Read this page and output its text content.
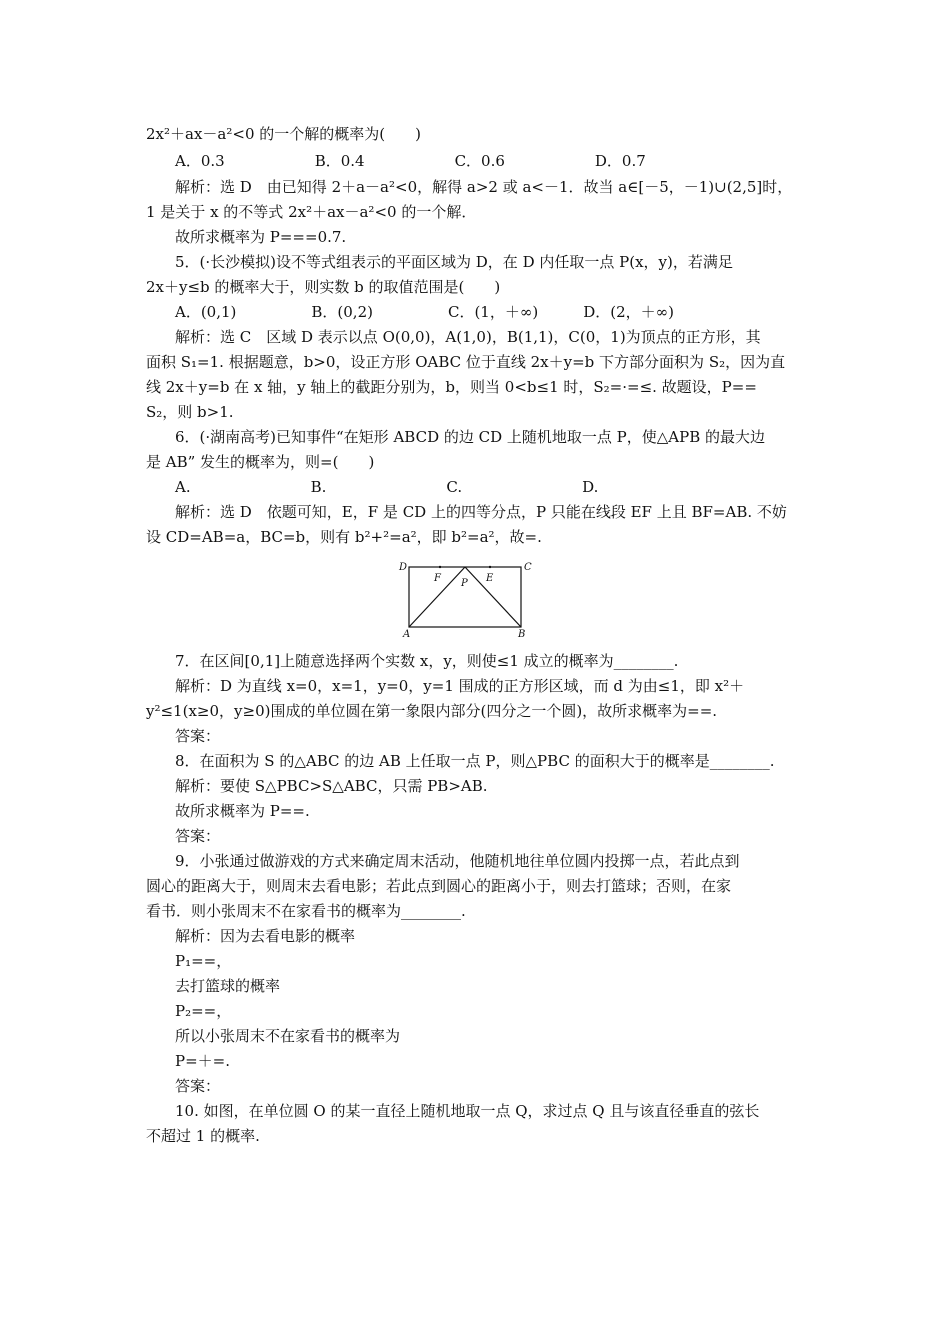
2x²＋ax－a²<0 的一个解的概率为(　　)
A．0.3　　　　　　B．0.4　　　　　　C．0.6　　　　　　D．0.7
解析：选 D　由已知得 2＋a－a²<0，解得 a>2 或 a<－1．故当 a∈[－5，－1)∪(2,5]时，
1 是关于 x 的不等式 2x²＋ax－a²<0 的一个解．
故所求概率为 P===0.7.
5．(·长沙模拟)设不等式组表示的平面区域为 D，在 D 内任取一点 P(x，y)，若满足
2x＋y≤b 的概率大于，则实数 b 的取值范围是(　　)
A．(0,1)　　　　　B．(0,2)　　　　　C．(1，＋∞)　　　D．(2，＋∞)
解析：选 C　区域 D 表示以点 O(0,0)，A(1,0)，B(1,1)，C(0，1)为顶点的正方形，其
面积 S₁=1. 根据题意，b>0，设正方形 OABC 位于直线 2x＋y=b 下方部分面积为 S₂，因为直
线 2x＋y=b 在 x 轴，y 轴上的截距分别为，b，则当 0<b≤1 时，S₂=·=≤. 故题设，P==
S₂，则 b>1.
6．(·湖南高考)已知事件“在矩形 ABCD 的边 CD 上随机地取一点 P，使△APB 的最大边
是 AB” 发生的概率为，则=(　　)
A.　　　　　　　　B.　　　　　　　　C.　　　　　　　　D.
解析：选 D　依题可知，E，F 是 CD 上的四等分点，P 只能在线段 EF 上且 BF=AB. 不妨
设 CD=AB=a，BC=b，则有 b²+²=a²，即 b²=a²，故=.
7．在区间[0,1]上随意选择两个实数 x，y，则使≤1 成立的概率为________.
解析：D 为直线 x=0，x=1，y=0，y=1 围成的正方形区域，而 d 为由≤1，即 x²＋
y²≤1(x≥0，y≥0)围成的单位圆在第一象限内部分(四分之一个圆)，故所求概率为==.
答案：
8．在面积为 S 的△ABC 的边 AB 上任取一点 P，则△PBC 的面积大于的概率是________.
解析：要使 S△PBC>S△ABC，只需 PB>AB.
故所求概率为 P==.
答案：
9．小张通过做游戏的方式来确定周末活动，他随机地往单位圆内投掷一点，若此点到
圆心的距离大于，则周末去看电影；若此点到圆心的距离小于，则去打篮球；否则，在家
看书．则小张周末不在家看书的概率为________.
解析：因为去看电影的概率
P₁==，
去打篮球的概率
P₂==，
所以小张周末不在家看书的概率为
P=＋=.
答案：
10. 如图，在单位圆 O 的某一直径上随机地取一点 Q，求过点 Q 且与该直径垂直的弦长
不超过 1 的概率.
D
F P E
C
A	B
